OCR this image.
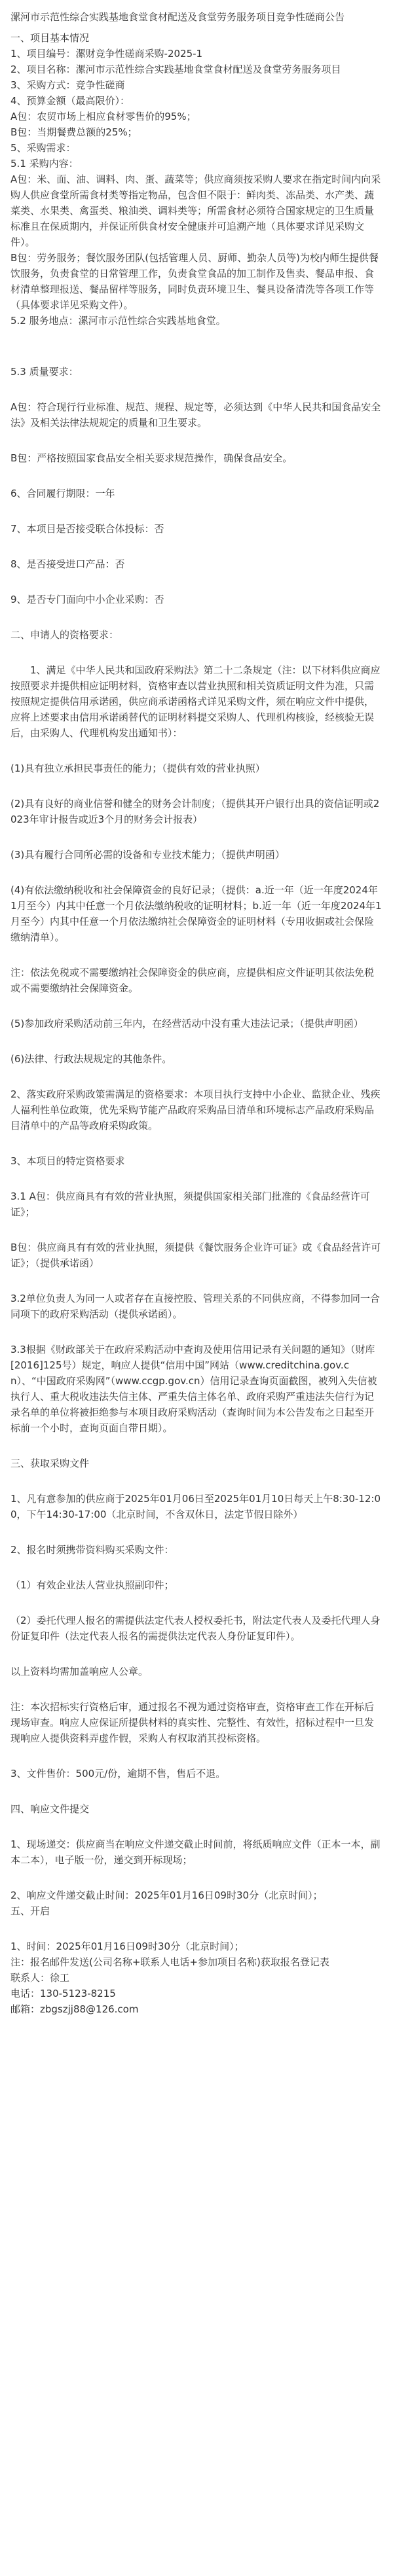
漯河市示范性综合实践基地食堂食材配送及食堂劳务服务项目竞争性磋商公告

一、项目基本情况

1、项目编号：漯财竞争性磋商采购-2025-1

2、项目名称：漯河市示范性综合实践基地食堂食材配送及食堂劳务服务项目

3、采购方式：竞争性磋商

4、预算金额（最高限价）：

A包：农贸市场上相应食材零售价的95%；

B包：当期餐费总额的25%；

5、采购需求：

5.1 采购内容：

A包：米、面、油、调料、肉、蛋、蔬菜等；供应商须按采购人要求在指定时间内向采购人供应食堂所需食材类等指定物品，包含但不限于：鲜肉类、冻品类、水产类、蔬菜类、水果类、禽蛋类、粮油类、调料类等；所需食材必须符合国家规定的卫生质量标准且在保质期内，并保证所供食材安全健康并可追溯产地（具体要求详见采购文件）。

B包：劳务服务；餐饮服务团队(包括管理人员、厨师、勤杂人员等)为校内师生提供餐饮服务，负责食堂的日常管理工作，负责食堂食品的加工制作及售卖、餐品申报、食材清单整理报送、餐品留样等服务，同时负责环境卫生、餐具设备清洗等各项工作等（具体要求详见采购文件）。

5.2 服务地点：漯河市示范性综合实践基地食堂。

5.3 质量要求：

A包：符合现行行业标准、规范、规程、规定等，必须达到《中华人民共和国食品安全法》及相关法律法规规定的质量和卫生要求。

B包：严格按照国家食品安全相关要求规范操作，确保食品安全。

6、合同履行期限：一年

7、本项目是否接受联合体投标：否

8、是否接受进口产品：否

9、是否专门面向中小企业采购：否

二、申请人的资格要求：

1、满足《中华人民共和国政府采购法》第二十二条规定（注：以下材料供应商应按照要求并提供相应证明材料，资格审查以营业执照和相关资质证明文件为准，只需按照规定提供信用承诺函，供应商承诺函格式详见采购文件，须在响应文件中提供，应将上述要求由信用承诺函替代的证明材料提交采购人、代理机构核验，经核验无误后，由采购人、代理机构发出通知书）：

(1)具有独立承担民事责任的能力；（提供有效的营业执照）

(2)具有良好的商业信誉和健全的财务会计制度；（提供其开户银行出具的资信证明或2023年审计报告或近3个月的财务会计报表）

(3)具有履行合同所必需的设备和专业技术能力；（提供声明函）

(4)有依法缴纳税收和社会保障资金的良好记录；（提供：a.近一年（近一年度2024年1月至今）内其中任意一个月依法缴纳税收的证明材料；b.近一年（近一年度2024年1月至今）内其中任意一个月依法缴纳社会保障资金的证明材料（专用收据或社会保险缴纳清单）。

注：依法免税或不需要缴纳社会保障资金的供应商，应提供相应文件证明其依法免税或不需要缴纳社会保障资金。

(5)参加政府采购活动前三年内，在经营活动中没有重大违法记录；（提供声明函）

(6)法律、行政法规规定的其他条件。

2、落实政府采购政策需满足的资格要求：本项目执行支持中小企业、监狱企业、残疾人福利性单位政策，优先采购节能产品政府采购品目清单和环境标志产品政府采购品目清单中的产品等政府采购政策。

3、本项目的特定资格要求

3.1 A包：供应商具有有效的营业执照，须提供国家相关部门批准的《食品经营许可证》；

B包：供应商具有有效的营业执照，须提供《餐饮服务企业许可证》或《食品经营许可证》；（提供承诺函）

3.2单位负责人为同一人或者存在直接控股、管理关系的不同供应商，不得参加同一合同项下的政府采购活动（提供承诺函）。

3.3根据《财政部关于在政府采购活动中查询及使用信用记录有关问题的通知》（财库[2016]125号）规定，响应人提供“信用中国”网站（www.creditchina.gov.cn）、“中国政府采购网”（www.ccgp.gov.cn）信用记录查询页面截图，被列入失信被执行人、重大税收违法失信主体、严重失信主体名单、政府采购严重违法失信行为记录名单的单位将被拒绝参与本项目政府采购活动（查询时间为本公告发布之日起至开标前一个小时，查询页面自带日期）。

三、获取采购文件

1、凡有意参加的供应商于2025年01月06日至2025年01月10日每天上午8:30-12:00，下午14:30-17:00（北京时间，不含双休日，法定节假日除外）

2、报名时须携带资料购买采购文件：

（1）有效企业法人营业执照副印件；

（2）委托代理人报名的需提供法定代表人授权委托书，附法定代表人及委托代理人身份证复印件（法定代表人报名的需提供法定代表人身份证复印件）。

以上资料均需加盖响应人公章。

注：本次招标实行资格后审，通过报名不视为通过资格审查，资格审查工作在开标后现场审查。响应人应保证所提供材料的真实性、完整性、有效性，招标过程中一旦发现响应人提供资料弄虚作假，采购人有权取消其投标资格。

3、文件售价：500元/份，逾期不售，售后不退。

四、响应文件提交

1、现场递交：供应商当在响应文件递交截止时间前，将纸质响应文件（正本一本，副本二本），电子版一份，递交到开标现场；

2、响应文件递交截止时间：2025年01月16日09时30分（北京时间）；

五、开启

1、时间：2025年01月16日09时30分（北京时间）；

注：报名邮件发送(公司名称+联系人电话+参加项目名称)获取报名登记表

联系人：徐工

电话：130-5123-8215

邮箱：zbgszjj88@126.com
